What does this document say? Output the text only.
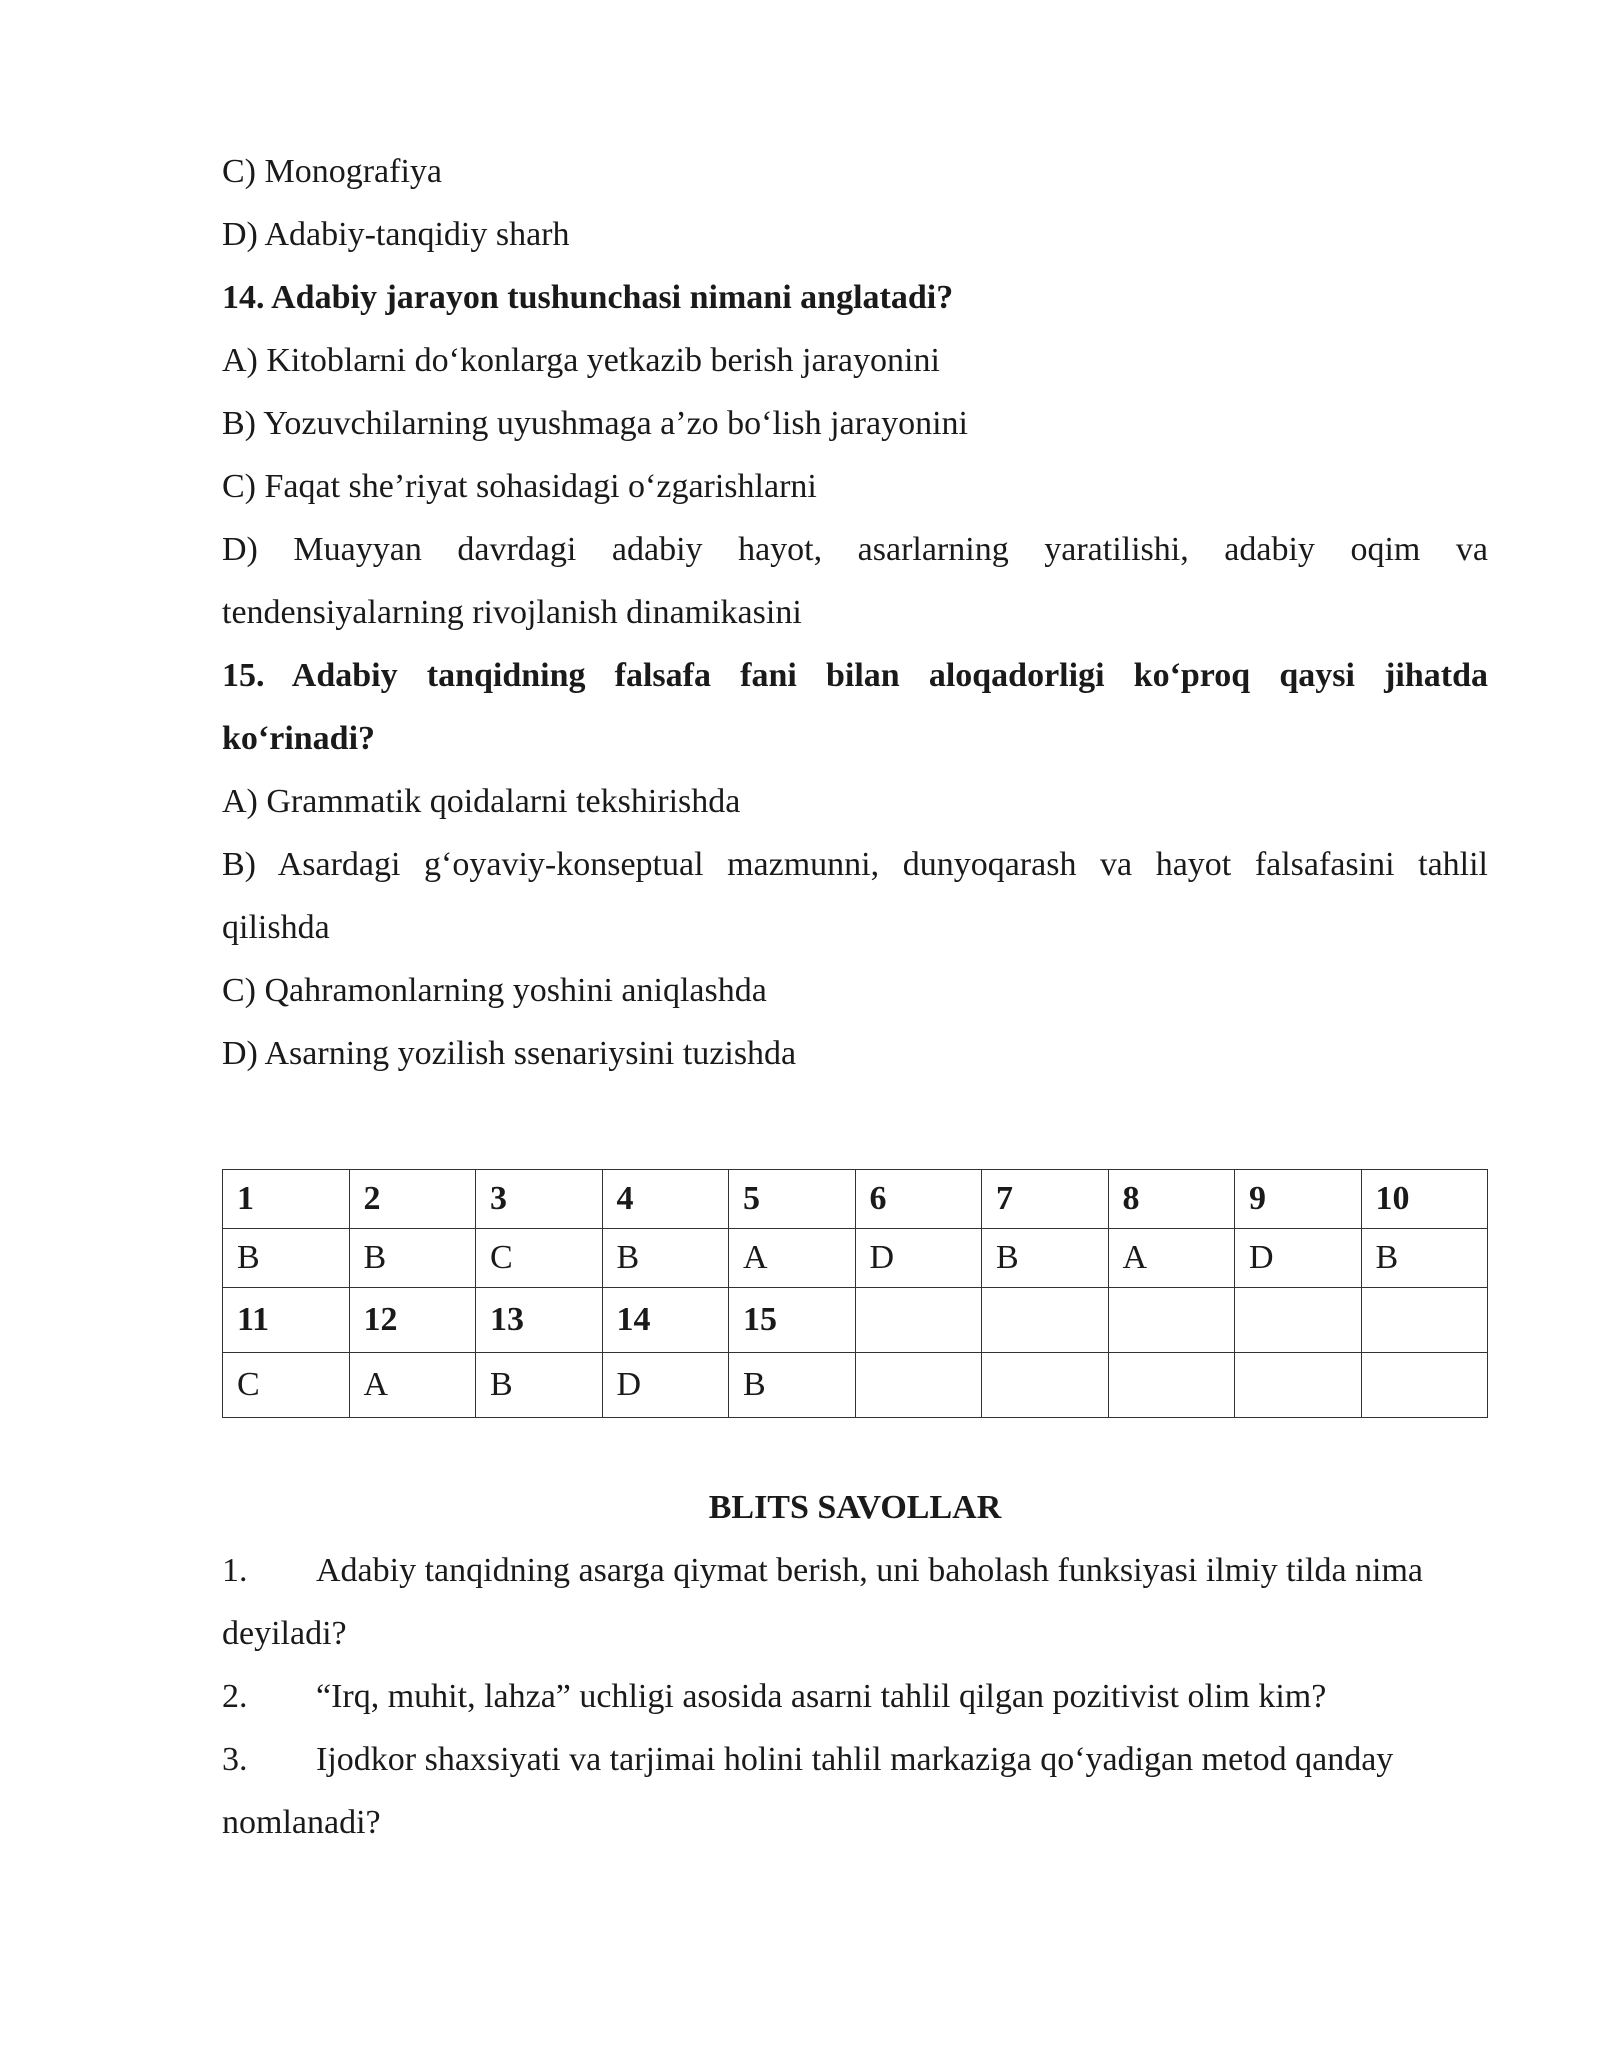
C) Monografiya
D) Adabiy-tanqidiy sharh
14. Adabiy jarayon tushunchasi nimani anglatadi?
A) Kitoblarni do‘konlarga yetkazib berish jarayonini
B) Yozuvchilarning uyushmaga a’zo bo‘lish jarayonini
C) Faqat she’riyat sohasidagi o‘zgarishlarni
D) Muayyan davrdagi adabiy hayot, asarlarning yaratilishi, adabiy oqim va
tendensiyalarning rivojlanish dinamikasini
15. Adabiy tanqidning falsafa fani bilan aloqadorligi ko‘proq qaysi jihatda
ko‘rinadi?
A) Grammatik qoidalarni tekshirishda
B) Asardagi g‘oyaviy-konseptual mazmunni, dunyoqarash va hayot falsafasini tahlil
qilishda
C) Qahramonlarning yoshini aniqlashda
D) Asarning yozilish ssenariysini tuzishda
1	2	3	4	5	6	7	8	9	10
B	B	C	B	A	D	B	A	D	B
11	12	13	14	15					
C	A	B	D	B					
BLITS SAVOLLAR
1. Adabiy tanqidning asarga qiymat berish, uni baholash funksiyasi ilmiy tilda nima
deyiladi?
2. “Irq, muhit, lahza” uchligi asosida asarni tahlil qilgan pozitivist olim kim?
3. Ijodkor shaxsiyati va tarjimai holini tahlil markaziga qo‘yadigan metod qanday
nomlanadi?
